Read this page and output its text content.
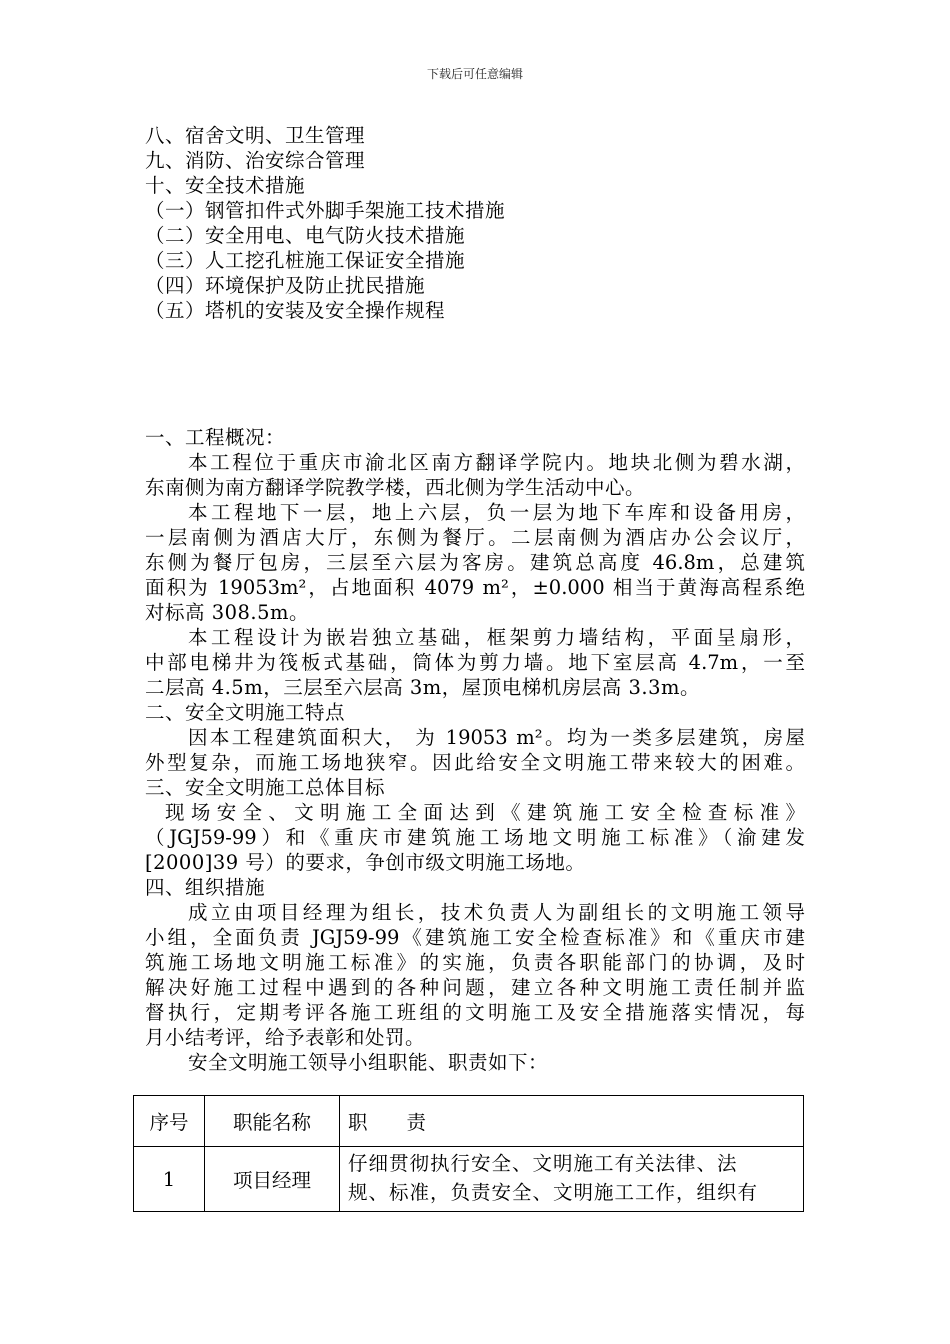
下载后可任意编辑
八、宿舍文明、卫生管理
九、消防、治安综合管理
十、安全技术措施
（一）钢管扣件式外脚手架施工技术措施
（二）安全用电、电气防火技术措施
（三）人工挖孔桩施工保证安全措施
（四）环境保护及防止扰民措施
（五）塔机的安装及安全操作规程
一、工程概况：
本工程位于重庆市渝北区南方翻译学院内。地块北侧为碧水湖，
东南侧为南方翻译学院教学楼，西北侧为学生活动中心。
本工程地下一层，地上六层，负一层为地下车库和设备用房，
一层南侧为酒店大厅，东侧为餐厅。二层南侧为酒店办公会议厅，
东侧为餐厅包房，三层至六层为客房。建筑总高度 46.8m，总建筑
面积为 19053m²，占地面积 4079 m²，±0.000 相当于黄海高程系绝
对标高 308.5m。
本工程设计为嵌岩独立基础，框架剪力墙结构，平面呈扇形，
中部电梯井为筏板式基础，筒体为剪力墙。地下室层高 4.7m，一至
二层高 4.5m，三层至六层高 3m，屋顶电梯机房层高 3.3m。
二、安全文明施工特点
因本工程建筑面积大， 为 19053 m²。均为一类多层建筑，房屋
外型复杂，而施工场地狭窄。因此给安全文明施工带来较大的困难。
三、安全文明施工总体目标
现场安全、文明施工全面达到《建筑施工安全检查标准》
（JGJ59-99）和《重庆市建筑施工场地文明施工标准》（渝建发
[2000]39 号）的要求，争创市级文明施工场地。
四、组织措施
成立由项目经理为组长，技术负责人为副组长的文明施工领导
小组，全面负责 JGJ59-99《建筑施工安全检查标准》和《重庆市建
筑施工场地文明施工标准》的实施，负责各职能部门的协调，及时
解决好施工过程中遇到的各种问题，建立各种文明施工责任制并监
督执行，定期考评各施工班组的文明施工及安全措施落实情况，每
月小结考评，给予表彰和处罚。
安全文明施工领导小组职能、职责如下：
序号	职能名称	职　　责
1	项目经理	仔细贯彻执行安全、文明施工有关法律、法
规、标准，负责安全、文明施工工作，组织有
